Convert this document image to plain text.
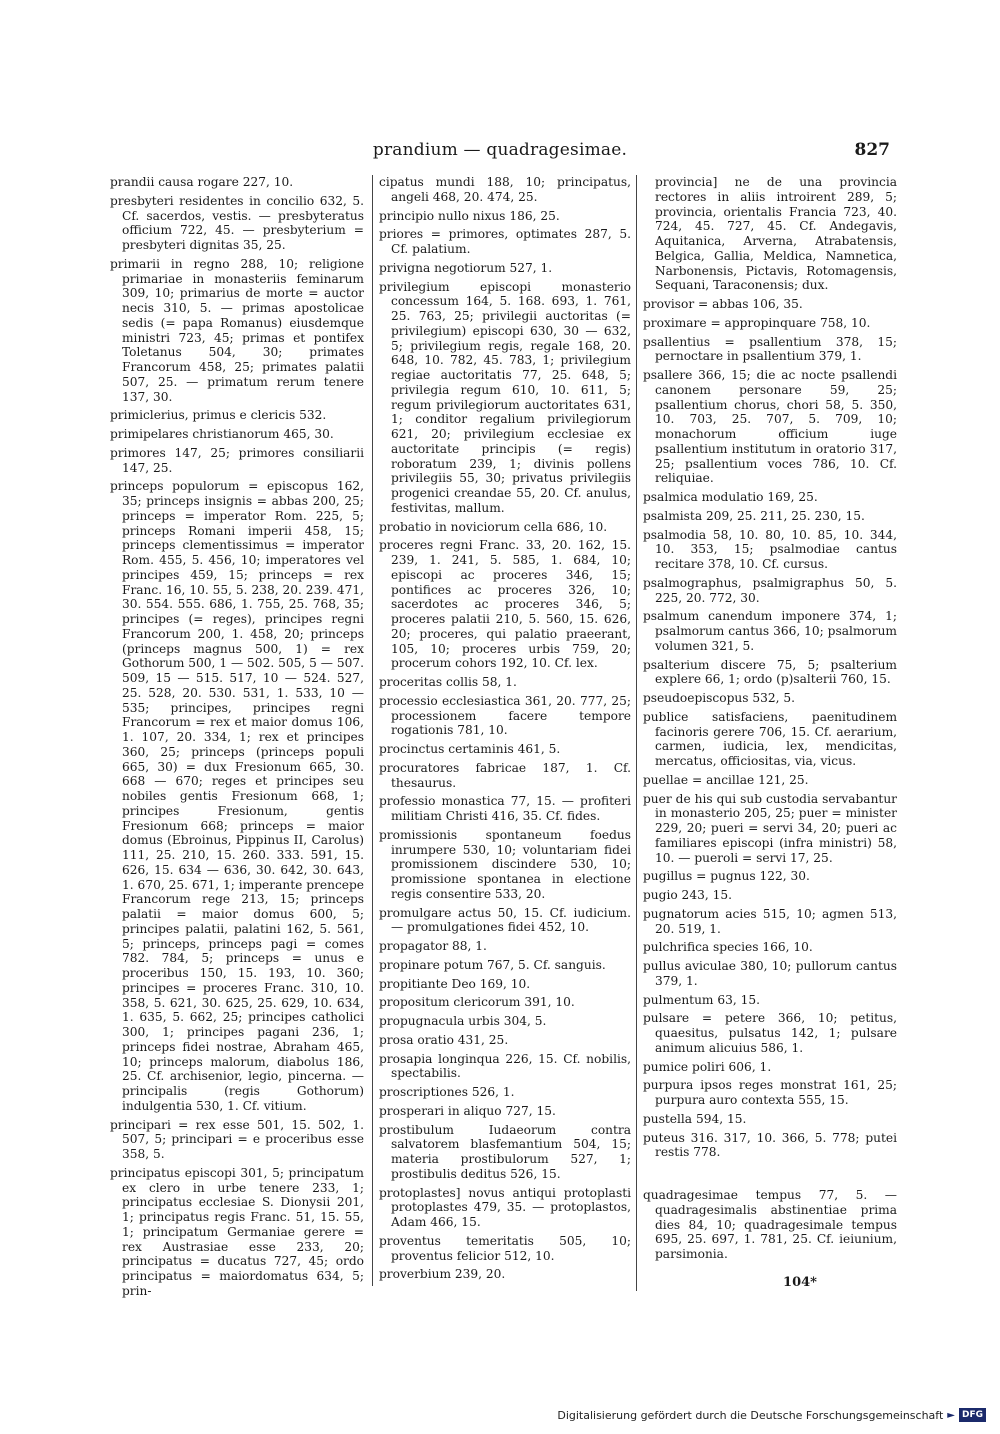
prandium — quadragesimae.	827

prandii causa rogare 227, 10.

presbyteri residentes in concilio 632, 5. Cf. sacerdos, vestis. — presbyteratus officium 722, 45. — presbyterium = presbyteri dignitas 35, 25.

primarii in regno 288, 10; religione primariae in monasteriis feminarum 309, 10; primarius de morte = auctor necis 310, 5. — primas apostolicae sedis (= papa Romanus) eiusdemque ministri 723, 45; primas et pontifex Toletanus 504, 30; primates Francorum 458, 25; primates palatii 507, 25. — primatum rerum tenere 137, 30.

primiclerius, primus e clericis 532.

primipelares christianorum 465, 30.

primores 147, 25; primores consiliarii 147, 25.

princeps populorum = episcopus 162, 35; princeps insignis = abbas 200, 25; princeps = imperator Rom. 225, 5; princeps Romani imperii 458, 15; princeps clementissimus = imperator Rom. 455, 5. 456, 10; imperatores vel principes 459, 15; princeps = rex Franc. 16, 10. 55, 5. 238, 20. 239. 471, 30. 554. 555. 686, 1. 755, 25. 768, 35; principes (= reges), principes regni Francorum 200, 1. 458, 20; princeps (princeps magnus 500, 1) = rex Gothorum 500, 1 — 502. 505, 5 — 507. 509, 15 — 515. 517, 10 — 524. 527, 25. 528, 20. 530. 531, 1. 533, 10 — 535; principes, principes regni Francorum = rex et maior domus 106, 1. 107, 20. 334, 1; rex et principes 360, 25; princeps (princeps populi 665, 30) = dux Fresionum 665, 30. 668 — 670; reges et principes seu nobiles gentis Fresionum 668, 1; principes Fresionum, gentis Fresionum 668; princeps = maior domus (Ebroinus, Pippinus II, Carolus) 111, 25. 210, 15. 260. 333. 591, 15. 626, 15. 634 — 636, 30. 642, 30. 643, 1. 670, 25. 671, 1; imperante prencepe Francorum rege 213, 15; princeps palatii = maior domus 600, 5; principes palatii, palatini 162, 5. 561, 5; princeps, princeps pagi = comes 782. 784, 5; princeps = unus e proceribus 150, 15. 193, 10. 360; principes = proceres Franc. 310, 10. 358, 5. 621, 30. 625, 25. 629, 10. 634, 1. 635, 5. 662, 25; principes catholici 300, 1; principes pagani 236, 1; princeps fidei nostrae, Abraham 465, 10; princeps malorum, diabolus 186, 25. Cf. archisenior, legio, pincerna. — principalis (regis Gothorum) indulgentia 530, 1. Cf. vitium.

principari = rex esse 501, 15. 502, 1. 507, 5; principari = e proceribus esse 358, 5.

principatus episcopi 301, 5; principatum ex clero in urbe tenere 233, 1; principatus ecclesiae S. Dionysii 201, 1; principatus regis Franc. 51, 15. 55, 1; principatum Germaniae gerere = rex Austrasiae esse 233, 20; principatus = ducatus 727, 45; ordo principatus = maiordomatus 634, 5; prin-

cipatus mundi 188, 10; principatus, angeli 468, 20. 474, 25.

principio nullo nixus 186, 25.

priores = primores, optimates 287, 5. Cf. palatium.

privigna negotiorum 527, 1.

privilegium episcopi monasterio concessum 164, 5. 168. 693, 1. 761, 25. 763, 25; privilegii auctoritas (= privilegium) episcopi 630, 30 — 632, 5; privilegium regis, regale 168, 20. 648, 10. 782, 45. 783, 1; privilegium regiae auctoritatis 77, 25. 648, 5; privilegia regum 610, 10. 611, 5; regum privilegiorum auctoritates 631, 1; conditor regalium privilegiorum 621, 20; privilegium ecclesiae ex auctoritate principis (= regis) roboratum 239, 1; divinis pollens privilegiis 55, 30; privatus privilegiis progenici creandae 55, 20. Cf. anulus, festivitas, mallum.

probatio in noviciorum cella 686, 10.

proceres regni Franc. 33, 20. 162, 15. 239, 1. 241, 5. 585, 1. 684, 10; episcopi ac proceres 346, 15; pontifices ac proceres 326, 10; sacerdotes ac proceres 346, 5; proceres palatii 210, 5. 560, 15. 626, 20; proceres, qui palatio praeerant, 105, 10; proceres urbis 759, 20; procerum cohors 192, 10. Cf. lex.

proceritas collis 58, 1.

processio ecclesiastica 361, 20. 777, 25; processionem facere tempore rogationis 781, 10.

procinctus certaminis 461, 5.

procuratores fabricae 187, 1. Cf. thesaurus.

professio monastica 77, 15. — profiteri militiam Christi 416, 35. Cf. fides.

promissionis spontaneum foedus inrumpere 530, 10; voluntariam fidei promissionem discindere 530, 10; promissione spontanea in electione regis consentire 533, 20.

promulgare actus 50, 15. Cf. iudicium. — promulgationes fidei 452, 10.

propagator 88, 1.

propinare potum 767, 5. Cf. sanguis.

propitiante Deo 169, 10.

propositum clericorum 391, 10.

propugnacula urbis 304, 5.

prosa oratio 431, 25.

prosapia longinqua 226, 15. Cf. nobilis, spectabilis.

proscriptiones 526, 1.

prosperari in aliquo 727, 15.

prostibulum Iudaeorum contra salvatorem blasfemantium 504, 15; materia prostibulorum 527, 1; prostibulis deditus 526, 15.

protoplastes] novus antiqui protoplasti protoplastes 479, 35. — protoplastos, Adam 466, 15.

proventus temeritatis 505, 10; proventus felicior 512, 10.

proverbium 239, 20.

provincia] ne de una provincia rectores in aliis introirent 289, 5; provincia, orientalis Francia 723, 40. 724, 45. 727, 45. Cf. Andegavis, Aquitanica, Arverna, Atrabatensis, Belgica, Gallia, Meldica, Namnetica, Narbonensis, Pictavis, Rotomagensis, Sequani, Taraconensis; dux.

provisor = abbas 106, 35.

proximare = appropinquare 758, 10.

psallentius = psallentium 378, 15; pernoctare in psallentium 379, 1.

psallere 366, 15; die ac nocte psallendi canonem personare 59, 25; psallentium chorus, chori 58, 5. 350, 10. 703, 25. 707, 5. 709, 10; monachorum officium iuge psallentium institutum in oratorio 317, 25; psallentium voces 786, 10. Cf. reliquiae.

psalmica modulatio 169, 25.

psalmista 209, 25. 211, 25. 230, 15.

psalmodia 58, 10. 80, 10. 85, 10. 344, 10. 353, 15; psalmodiae cantus recitare 378, 10. Cf. cursus.

psalmographus, psalmigraphus 50, 5. 225, 20. 772, 30.

psalmum canendum imponere 374, 1; psalmorum cantus 366, 10; psalmorum volumen 321, 5.

psalterium discere 75, 5; psalterium explere 66, 1; ordo (p)salterii 760, 15.

pseudoepiscopus 532, 5.

publice satisfaciens, paenitudinem facinoris gerere 706, 15. Cf. aerarium, carmen, iudicia, lex, mendicitas, mercatus, officiositas, via, vicus.

puellae = ancillae 121, 25.

puer de his qui sub custodia servabantur in monasterio 205, 25; puer = minister 229, 20; pueri = servi 34, 20; pueri ac familiares episcopi (infra ministri) 58, 10. — pueroli = servi 17, 25.

pugillus = pugnus 122, 30.

pugio 243, 15.

pugnatorum acies 515, 10; agmen 513, 20. 519, 1.

pulchrifica species 166, 10.

pullus aviculae 380, 10; pullorum cantus 379, 1.

pulmentum 63, 15.

pulsare = petere 366, 10; petitus, quaesitus, pulsatus 142, 1; pulsare animum alicuius 586, 1.

pumice poliri 606, 1.

purpura ipsos reges monstrat 161, 25; purpura auro contexta 555, 15.

pustella 594, 15.

puteus 316. 317, 10. 366, 5. 778; putei restis 778.

quadragesimae tempus 77, 5. — quadragesimalis abstinentiae prima dies 84, 10; quadragesimale tempus 695, 25. 697, 1. 781, 25. Cf. ieiunium, parsimonia.

104*
Digitalisierung gefördert durch die Deutsche Forschungsgemeinschaft ► DFG
